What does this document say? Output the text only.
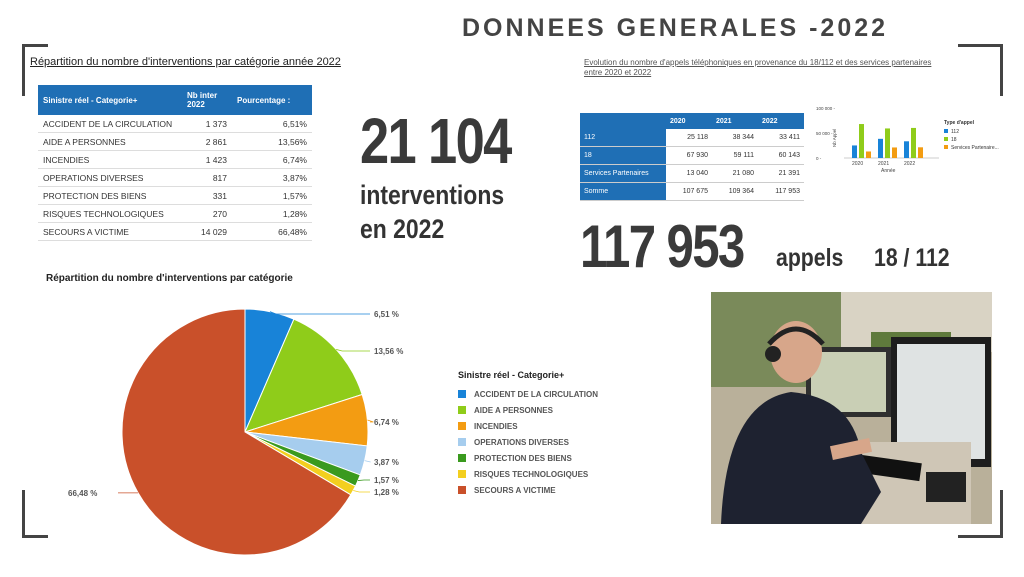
DONNEES GENERALES -2022
Répartition du nombre d'interventions par catégorie année 2022
Sinistre réel - Categorie+	Nb inter 2022	Pourcentage :
ACCIDENT DE LA CIRCULATION	1 373	6,51%
AIDE A PERSONNES	2 861	13,56%
INCENDIES	1 423	6,74%
OPERATIONS DIVERSES	817	3,87%
PROTECTION DES BIENS	331	1,57%
RISQUES TECHNOLOGIQUES	270	1,28%
SECOURS A VICTIME	14 029	66,48%
21 104
interventions
en 2022
Evolution du nombre d'appels téléphoniques en provenance du 18/112 et des services partenaires entre 2020 et 2022
	2020	2021	2022
112	25 118	38 344	33 411
18	67 930	59 111	60 143
Services Partenaires	13 040	21 080	21 391
Somme	107 675	109 364	117 953
100 000 -
50 000 -
0 -
Nb Appel
2020	2021	2022
Année
Type d'appel
112
18
Services Partenaire...
117 953 appels 18 / 112
Répartition du nombre d'interventions par catégorie
6,51 %
13,56 %
6,74 %
3,87 %
1,57 %
1,28 %
66,48 %
Sinistre réel - Categorie+
ACCIDENT DE LA CIRCULATION
AIDE A PERSONNES
INCENDIES
OPERATIONS DIVERSES
PROTECTION DES BIENS
RISQUES TECHNOLOGIQUES
SECOURS A VICTIME
